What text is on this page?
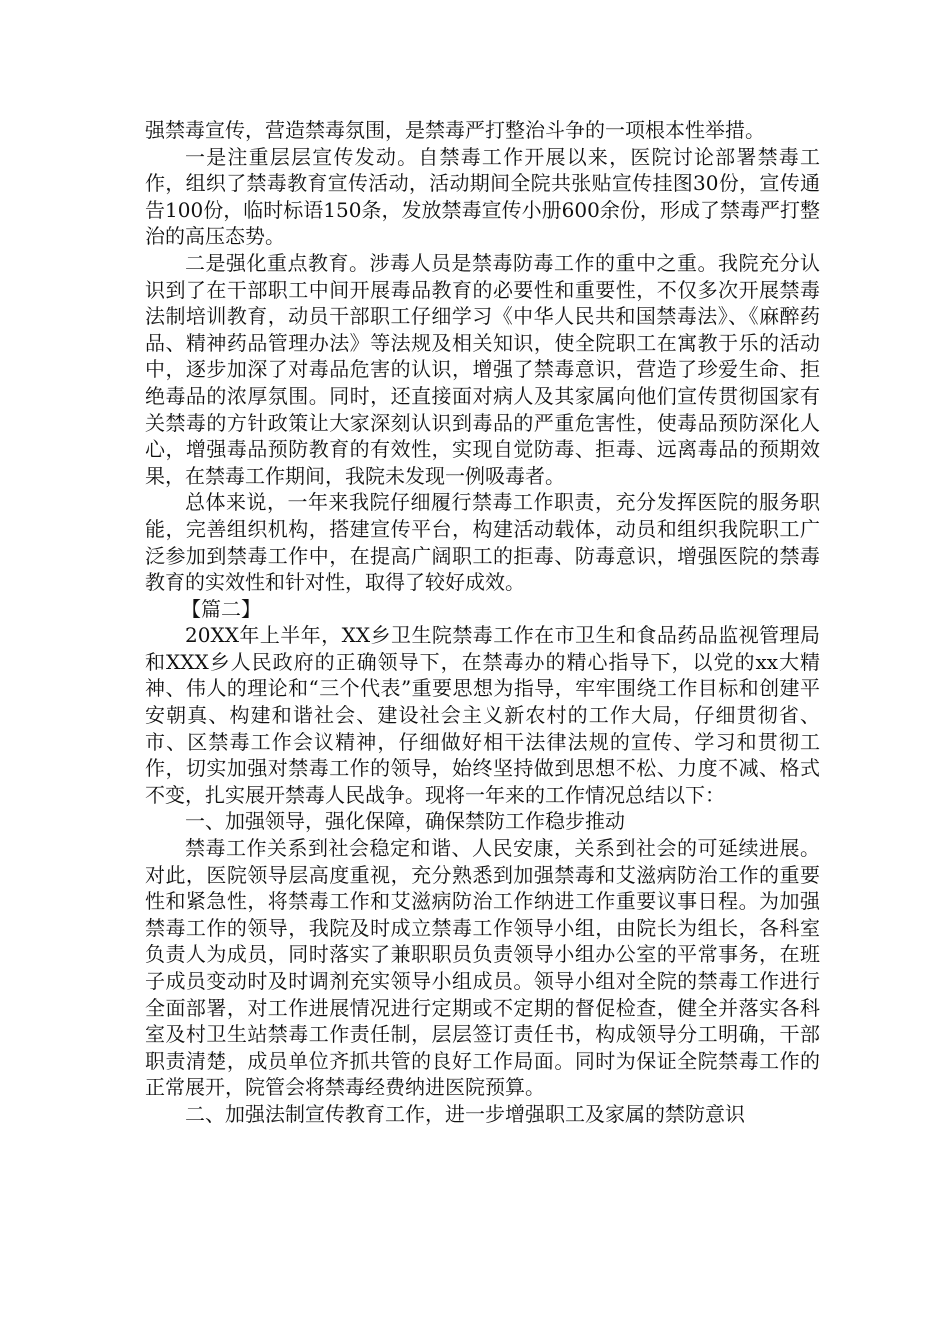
强禁毒宣传，营造禁毒氛围，是禁毒严打整治斗争的一项根本性举措。

一是注重层层宣传发动。自禁毒工作开展以来，医院讨论部署禁毒工作，组织了禁毒教育宣传活动，活动期间全院共张贴宣传挂图30份，宣传通告100份，临时标语150条，发放禁毒宣传小册600余份，形成了禁毒严打整治的高压态势。

二是强化重点教育。涉毒人员是禁毒防毒工作的重中之重。我院充分认识到了在干部职工中间开展毒品教育的必要性和重要性，不仅多次开展禁毒法制培训教育，动员干部职工仔细学习《中华人民共和国禁毒法》、《麻醉药品、精神药品管理办法》等法规及相关知识，使全院职工在寓教于乐的活动中，逐步加深了对毒品危害的认识，增强了禁毒意识，营造了珍爱生命、拒绝毒品的浓厚氛围。同时，还直接面对病人及其家属向他们宣传贯彻国家有关禁毒的方针政策让大家深刻认识到毒品的严重危害性，使毒品预防深化人心，增强毒品预防教育的有效性，实现自觉防毒、拒毒、远离毒品的预期效果，在禁毒工作期间，我院未发现一例吸毒者。

总体来说，一年来我院仔细履行禁毒工作职责，充分发挥医院的服务职能，完善组织机构，搭建宣传平台，构建活动载体，动员和组织我院职工广泛参加到禁毒工作中，在提高广阔职工的拒毒、防毒意识，增强医院的禁毒教育的实效性和针对性，取得了较好成效。

【篇二】

20XX年上半年，XX乡卫生院禁毒工作在市卫生和食品药品监视管理局和XXX乡人民政府的正确领导下，在禁毒办的精心指导下，以党的xx大精神、伟人的理论和“三个代表”重要思想为指导，牢牢围绕工作目标和创建平安朝真、构建和谐社会、建设社会主义新农村的工作大局，仔细贯彻省、市、区禁毒工作会议精神，仔细做好相干法律法规的宣传、学习和贯彻工作，切实加强对禁毒工作的领导，始终坚持做到思想不松、力度不减、格式不变，扎实展开禁毒人民战争。现将一年来的工作情况总结以下：

一、加强领导，强化保障，确保禁防工作稳步推动

禁毒工作关系到社会稳定和谐、人民安康，关系到社会的可延续进展。对此，医院领导层高度重视，充分熟悉到加强禁毒和艾滋病防治工作的重要性和紧急性，将禁毒工作和艾滋病防治工作纳进工作重要议事日程。为加强禁毒工作的领导，我院及时成立禁毒工作领导小组，由院长为组长，各科室负责人为成员，同时落实了兼职职员负责领导小组办公室的平常事务，在班子成员变动时及时调剂充实领导小组成员。领导小组对全院的禁毒工作进行全面部署，对工作进展情况进行定期或不定期的督促检查，健全并落实各科室及村卫生站禁毒工作责任制，层层签订责任书，构成领导分工明确，干部职责清楚，成员单位齐抓共管的良好工作局面。同时为保证全院禁毒工作的正常展开，院管会将禁毒经费纳进医院预算。

二、加强法制宣传教育工作，进一步增强职工及家属的禁防意识
